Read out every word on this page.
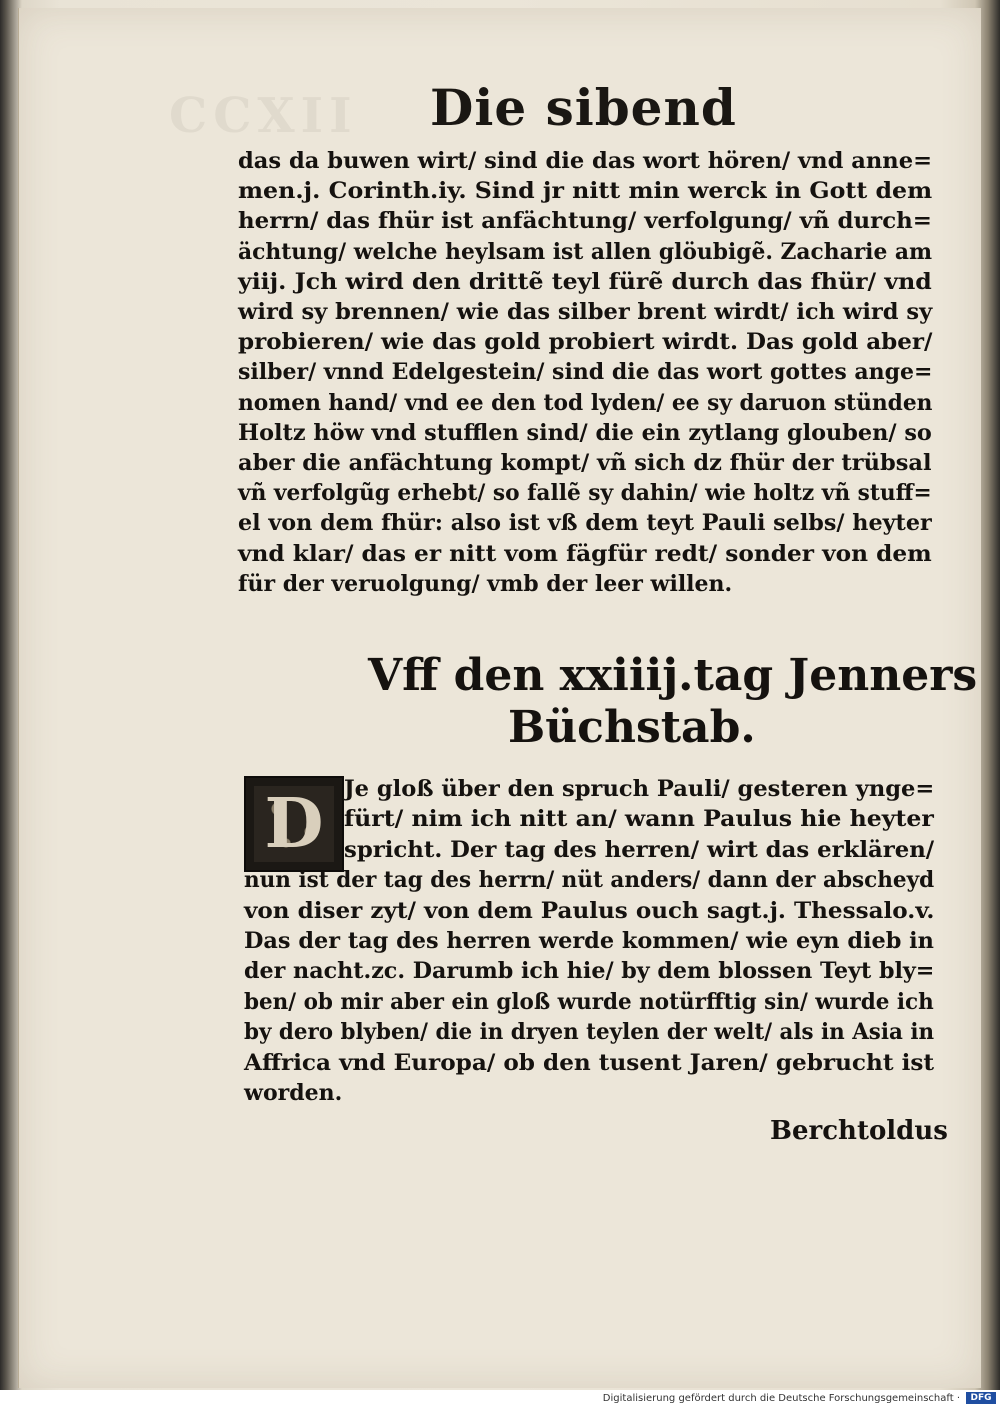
CCXII Die sibend
das da buwen wirt/ sind die das wort hören/ vnd anne=
men.j. Corinth.iy. Sind jr nitt min werck in Gott dem
herrn/ das fhür ist anfächtung/ verfolgung/ vñ durch=
ächtung/ welche heylsam ist allen glöubigẽ. Zacharie am
yiij. Jch wird den drittẽ teyl fürẽ durch das fhür/ vnd
wird sy brennen/ wie das silber brent wirdt/ ich wird sy
probieren/ wie das gold probiert wirdt. Das gold aber/
silber/ vnnd Edelgestein/ sind die das wort gottes ange=
nomen hand/ vnd ee den tod lyden/ ee sy daruon stünden
Holtz höw vnd stufflen sind/ die ein zytlang glouben/ so
aber die anfächtung kompt/ vñ sich dz fhür der trübsal
vñ verfolgũg erhebt/ so fallẽ sy dahin/ wie holtz vñ stuff=
el von dem fhür: also ist vß dem teyt Pauli selbs/ heyter
vnd klar/ das er nitt vom fägfür redt/ sonder von dem
für der veruolgung/ vmb der leer willen.
Vff den xxiiij.tag Jenners
Büchstab.
D Je gloß über den spruch Pauli/ gesteren ynge=
fürt/ nim ich nitt an/ wann Paulus hie heyter
spricht. Der tag des herren/ wirt das erklären/
nun ist der tag des herrn/ nüt anders/ dann der abscheyd
von diser zyt/ von dem Paulus ouch sagt.j. Thessalo.v.
Das der tag des herren werde kommen/ wie eyn dieb in
der nacht.zc. Darumb ich hie/ by dem blossen Teyt bly=
ben/ ob mir aber ein gloß wurde notürfftig sin/ wurde ich
by dero blyben/ die in dryen teylen der welt/ als in Asia in
Affrica vnd Europa/ ob den tusent Jaren/ gebrucht ist
worden.
Berchtoldus
Digitalisierung gefördert durch die Deutsche Forschungsgemeinschaft ·	DFG
